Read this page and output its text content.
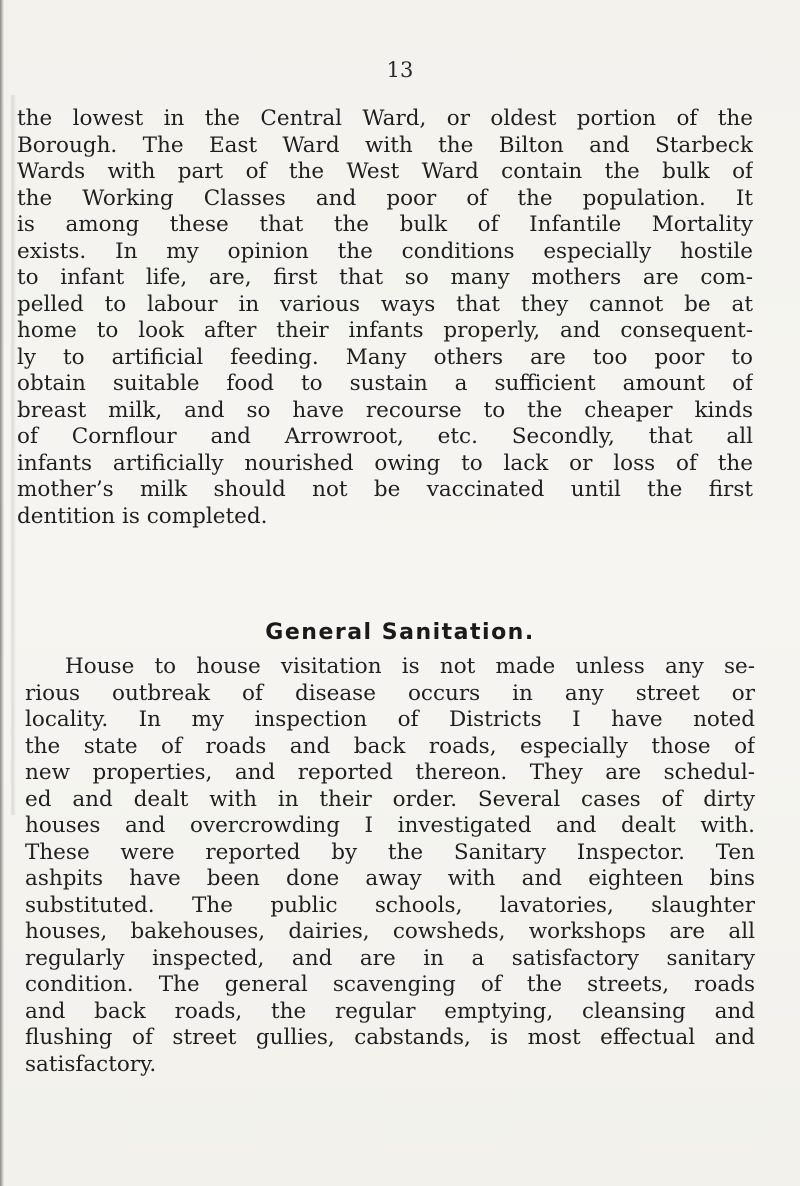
13
the lowest in the Central Ward, or oldest portion of the
Borough. The East Ward with the Bilton and Starbeck
Wards with part of the West Ward contain the bulk of
the Working Classes and poor of the population. It
is among these that the bulk of Infantile Mortality
exists. In my opinion the conditions especially hostile
to infant life, are, first that so many mothers are com-
pelled to labour in various ways that they cannot be at
home to look after their infants properly, and consequent-
ly to artificial feeding. Many others are too poor to
obtain suitable food to sustain a sufficient amount of
breast milk, and so have recourse to the cheaper kinds
of Cornflour and Arrowroot, etc. Secondly, that all
infants artificially nourished owing to lack or loss of the
mother’s milk should not be vaccinated until the first
dentition is completed.
General Sanitation.
House to house visitation is not made unless any se-
rious outbreak of disease occurs in any street or
locality. In my inspection of Districts I have noted
the state of roads and back roads, especially those of
new properties, and reported thereon. They are schedul-
ed and dealt with in their order. Several cases of dirty
houses and overcrowding I investigated and dealt with.
These were reported by the Sanitary Inspector. Ten
ashpits have been done away with and eighteen bins
substituted. The public schools, lavatories, slaughter
houses, bakehouses, dairies, cowsheds, workshops are all
regularly inspected, and are in a satisfactory sanitary
condition. The general scavenging of the streets, roads
and back roads, the regular emptying, cleansing and
flushing of street gullies, cabstands, is most effectual and
satisfactory.
